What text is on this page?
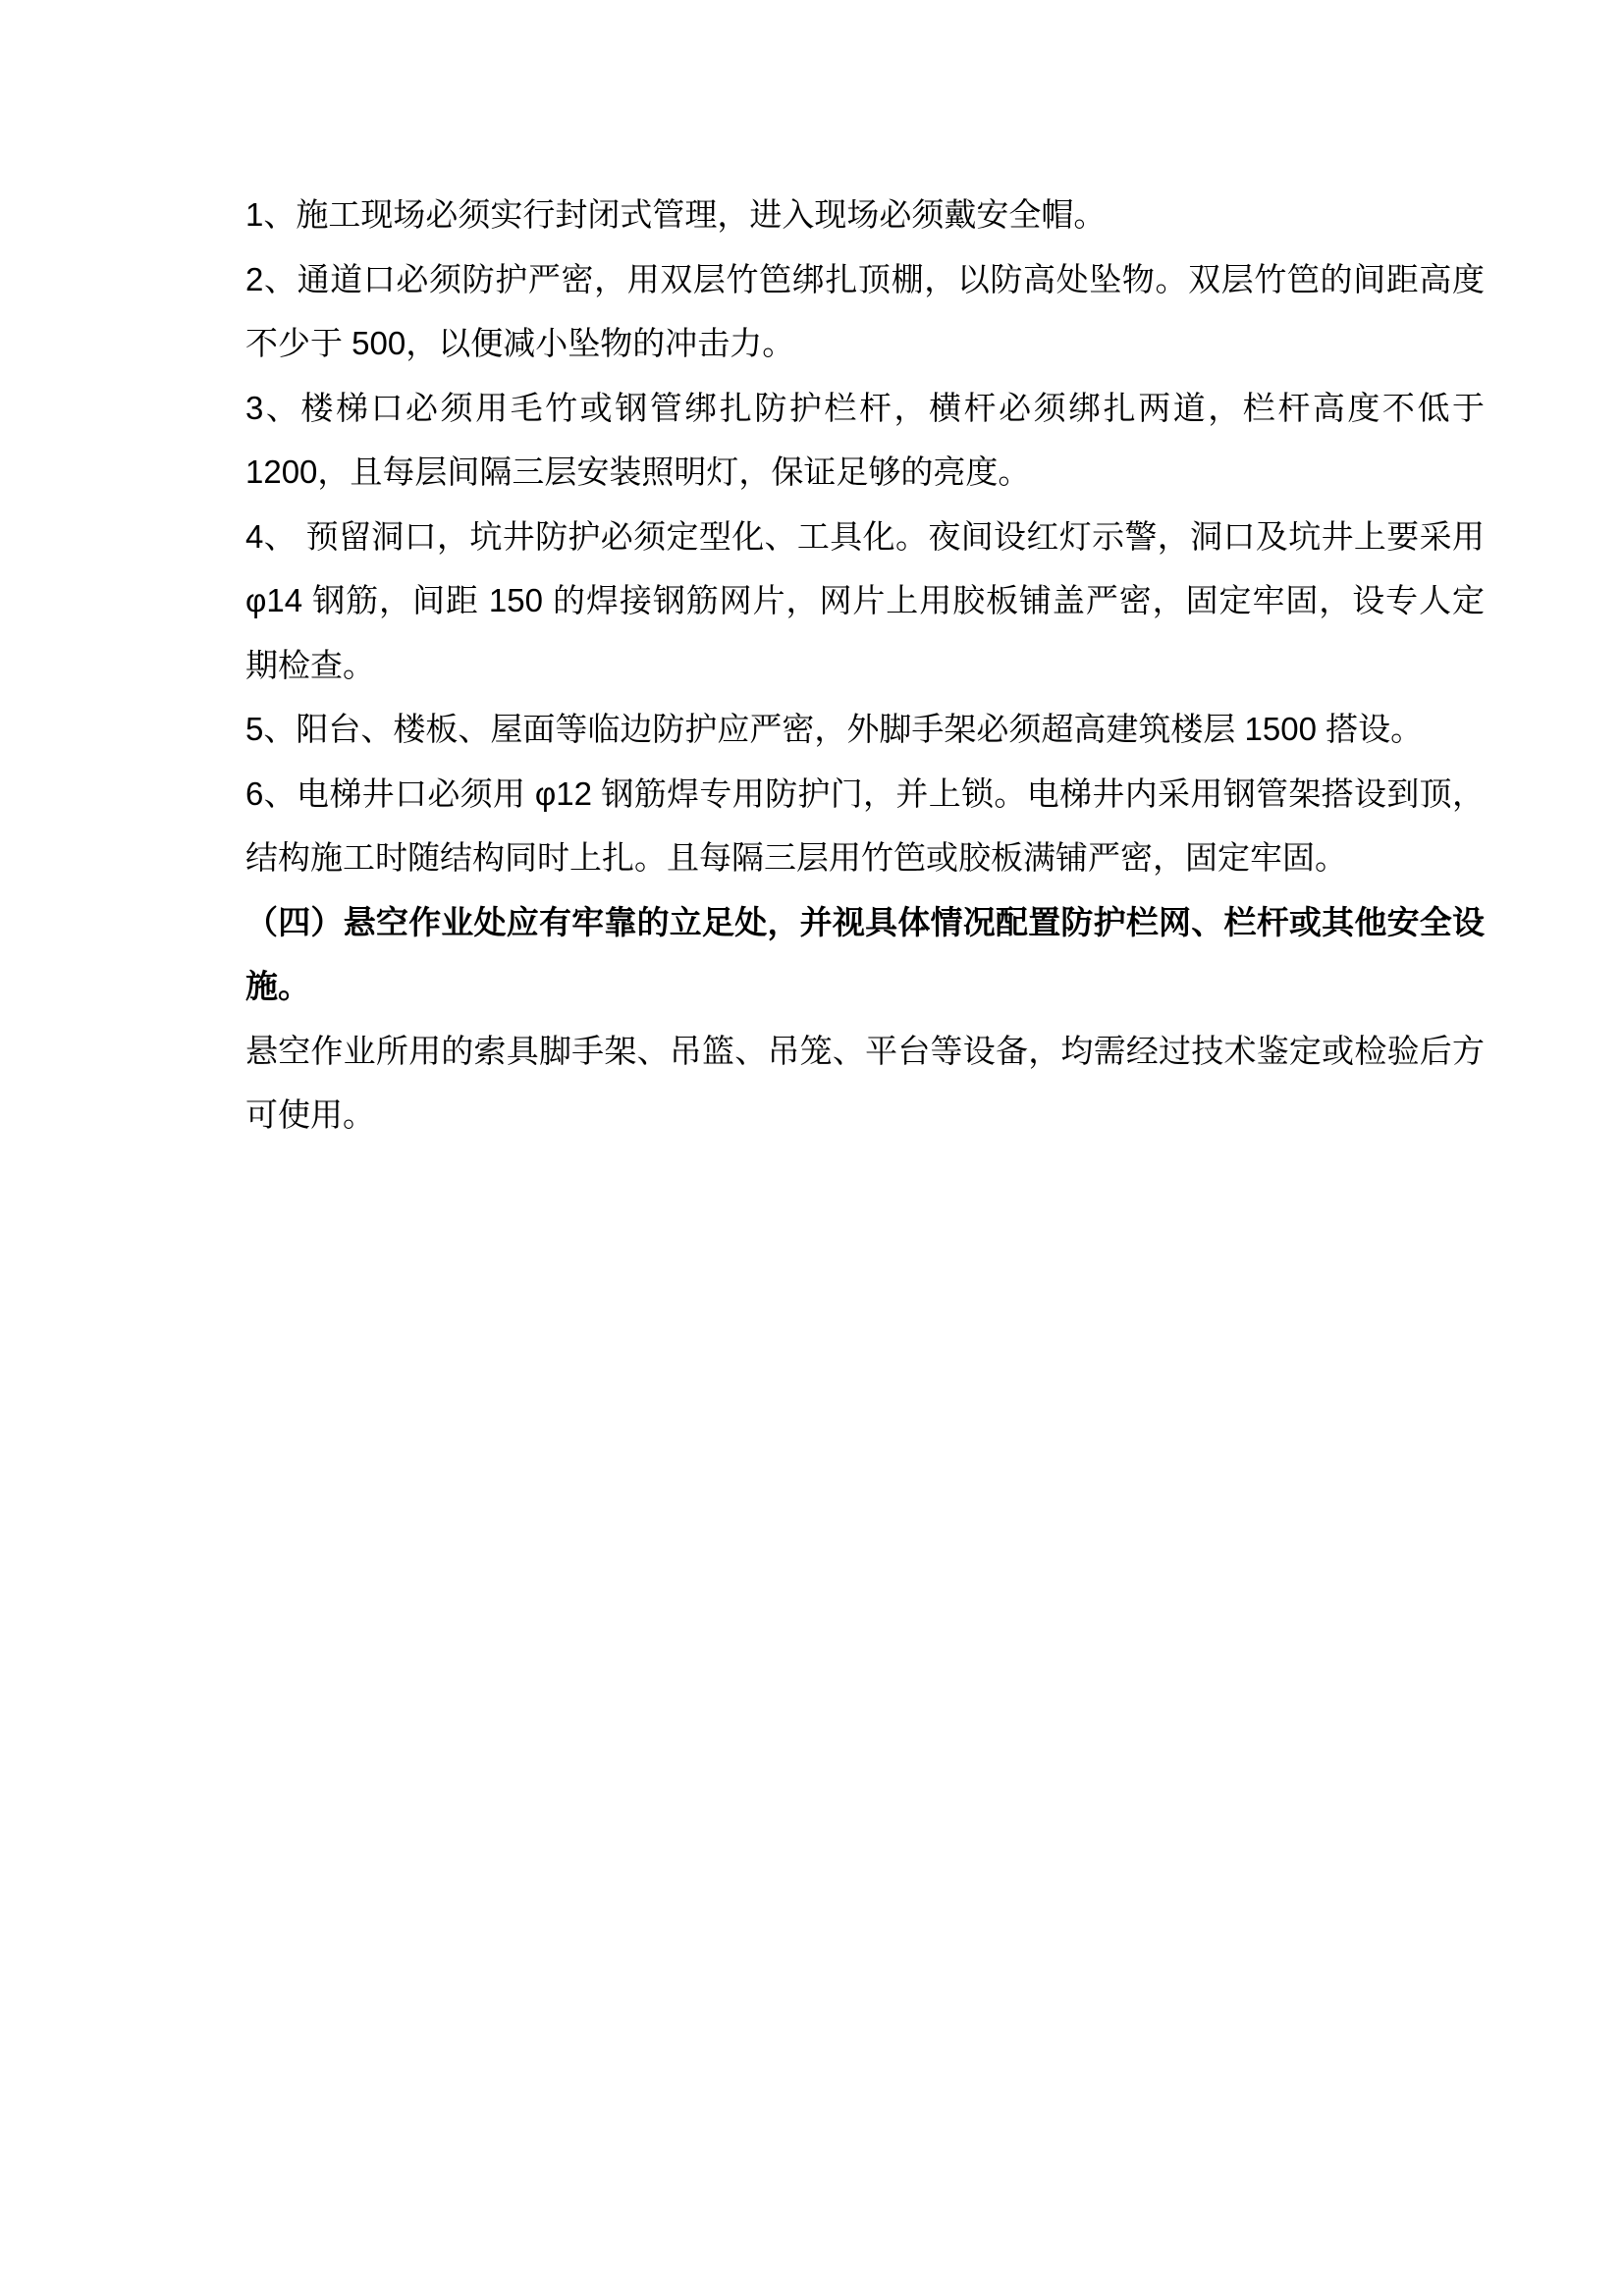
1、施工现场必须实行封闭式管理，进入现场必须戴安全帽。

2、通道口必须防护严密，用双层竹笆绑扎顶棚，以防高处坠物。双层竹笆的间距高度不少于 500，以便减小坠物的冲击力。

3、楼梯口必须用毛竹或钢管绑扎防护栏杆，横杆必须绑扎两道，栏杆高度不低于 1200，且每层间隔三层安装照明灯，保证足够的亮度。

4、 预留洞口，坑井防护必须定型化、工具化。夜间设红灯示警，洞口及坑井上要采用 φ14 钢筋，间距 150 的焊接钢筋网片，网片上用胶板铺盖严密，固定牢固，设专人定期检查。

5、阳台、楼板、屋面等临边防护应严密，外脚手架必须超高建筑楼层 1500 搭设。

6、电梯井口必须用 φ12 钢筋焊专用防护门，并上锁。电梯井内采用钢管架搭设到顶，结构施工时随结构同时上扎。且每隔三层用竹笆或胶板满铺严密，固定牢固。

（四）悬空作业处应有牢靠的立足处，并视具体情况配置防护栏网、栏杆或其他安全设施。

悬空作业所用的索具脚手架、吊篮、吊笼、平台等设备，均需经过技术鉴定或检验后方可使用。
